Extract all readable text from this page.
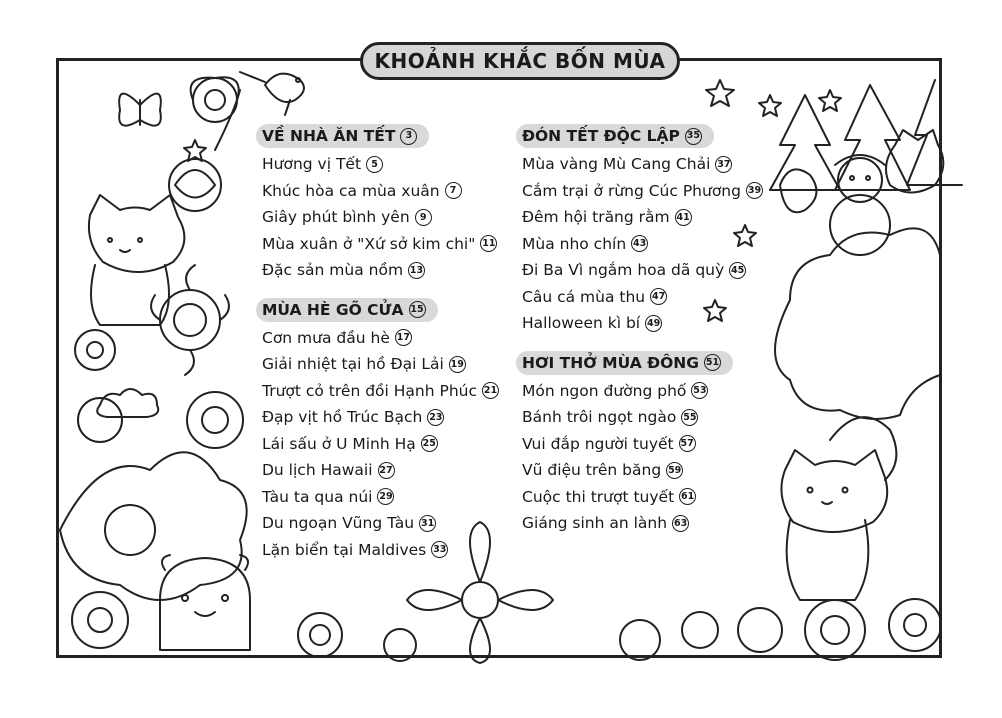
KHOẢNH KHẮC BỐN MÙA
VỀ NHÀ ĂN TẾT	3
Hương vị Tết	5
Khúc hòa ca mùa xuân	7
Giây phút bình yên	9
Mùa xuân ở "Xứ sở kim chi" 11
Đặc sản mùa nồm 13
MÙA HÈ GÕ CỬA 15
Cơn mưa đầu hè 17
Giải nhiệt tại hồ Đại Lải 19
Trượt cỏ trên đồi Hạnh Phúc 21
Đạp vịt hồ Trúc Bạch 23
Lái sấu ở U Minh Hạ 25
Du lịch Hawaii 27
Tàu ta qua núi 29
Du ngoạn Vũng Tàu 31
Lặn biển tại Maldives 33
ĐÓN TẾT ĐỘC LẬP 35
Mùa vàng Mù Cang Chải 37
Cắm trại ở rừng Cúc Phương 39
Đêm hội trăng rằm 41
Mùa nho chín 43
Đi Ba Vì ngắm hoa dã quỳ 45
Câu cá mùa thu 47
Halloween kì bí 49
HƠI THỞ MÙA ĐÔNG 51
Món ngon đường phố 53
Bánh trôi ngọt ngào 55
Vui đắp người tuyết 57
Vũ điệu trên băng 59
Cuộc thi trượt tuyết 61
Giáng sinh an lành 63
